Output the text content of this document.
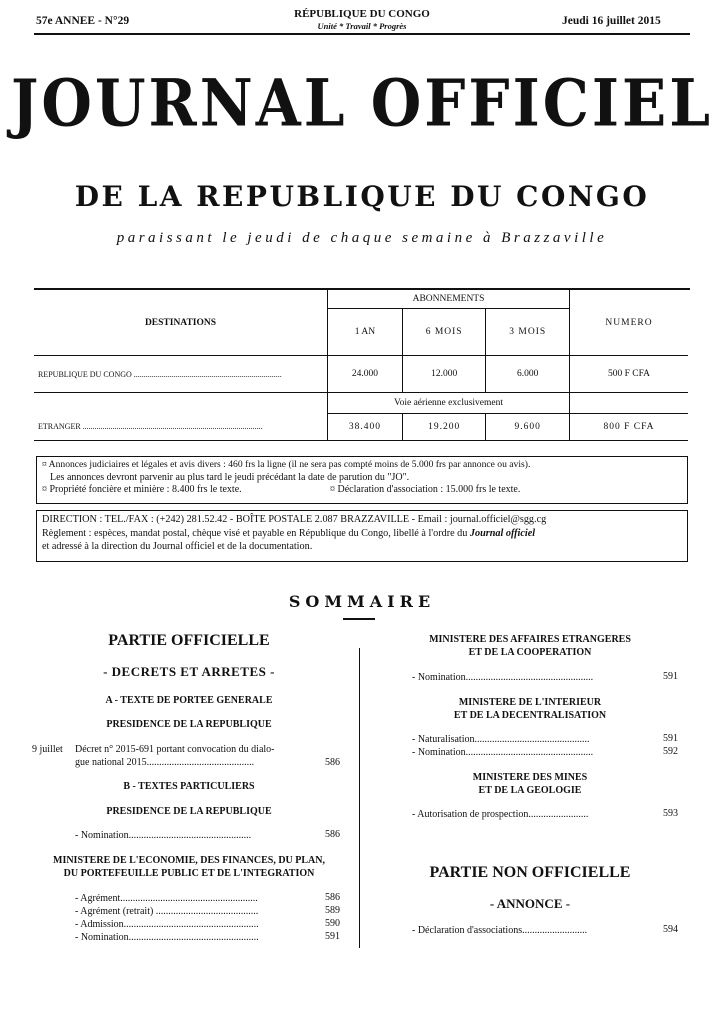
57e ANNEE - N°29
RÉPUBLIQUE DU CONGO
Unité * Travail * Progrès	Jeudi 16 juillet 2015
JOURNAL OFFICIEL
DE LA REPUBLIQUE DU CONGO
paraissant le jeudi de chaque semaine à Brazzaville
DESTINATIONS	ABONNEMENTS			NUMERO
	1 AN	6 MOIS	3 MOIS	
REPUBLIQUE DU CONGO ..........................................................................	24.000	12.000	6.000	500 F CFA
	Voie aérienne exclusivement			
ETRANGER ..........................................................................................	38.400	19.200	9.600	800 F CFA
¤ Annonces judiciaires et légales et avis divers : 460 frs la ligne (il ne sera pas compté moins de 5.000 frs par annonce ou avis).
Les annonces devront parvenir au plus tard le jeudi précédant la date de parution du "JO".
¤ Propriété foncière et minière : 8.400 frs le texte.	¤ Déclaration d'association : 15.000 frs le texte.
DIRECTION : TEL./FAX : (+242) 281.52.42 - BOÎTE POSTALE 2.087 BRAZZAVILLE - Email : journal.officiel@sgg.cg
Règlement : espèces, mandat postal, chèque visé et payable en République du Congo, libellé à l'ordre du Journal officiel
et adressé à la direction du Journal officiel et de la documentation.
SOMMAIRE
PARTIE OFFICIELLE
- DECRETS ET ARRETES -
A - TEXTE DE PORTEE GENERALE
PRESIDENCE DE LA REPUBLIQUE
9 juillet Décret n° 2015-691 portant convocation du dialo-
gue national 2015...........................................	586
B - TEXTES PARTICULIERS
PRESIDENCE DE LA REPUBLIQUE
- Nomination.................................................	586
MINISTERE DE L'ECONOMIE, DES FINANCES, DU PLAN,
DU PORTEFEUILLE PUBLIC ET DE L'INTEGRATION
- Agrément.......................................................	586
- Agrément (retrait) .........................................	589
- Admission......................................................	590
- Nomination....................................................	591
MINISTERE DES AFFAIRES ETRANGERES
ET DE LA COOPERATION
- Nomination...................................................	591
MINISTERE DE L'INTERIEUR
ET DE LA DECENTRALISATION
- Naturalisation..............................................	591
- Nomination...................................................	592
MINISTERE DES MINES
ET DE LA GEOLOGIE
- Autorisation de prospection........................	593
PARTIE NON OFFICIELLE
- ANNONCE -
- Déclaration d'associations..........................	594
